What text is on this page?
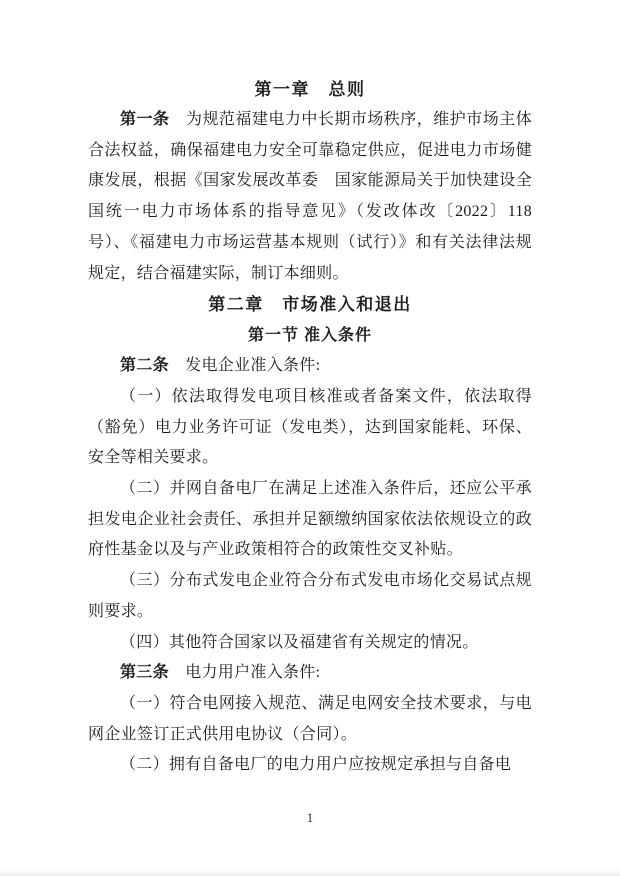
第一章　总则

第一条　为规范福建电力中长期市场秩序，维护市场主体合法权益，确保福建电力安全可靠稳定供应，促进电力市场健康发展，根据《国家发展改革委　国家能源局关于加快建设全国统一电力市场体系的指导意见》（发改体改〔2022〕118 号）、《福建电力市场运营基本规则（试行）》和有关法律法规规定，结合福建实际，制订本细则。

第二章　市场准入和退出
第一节 准入条件

第二条　发电企业准入条件:

（一）依法取得发电项目核准或者备案文件，依法取得（豁免）电力业务许可证（发电类），达到国家能耗、环保、安全等相关要求。

（二）并网自备电厂在满足上述准入条件后，还应公平承担发电企业社会责任、承担并足额缴纳国家依法依规设立的政府性基金以及与产业政策相符合的政策性交叉补贴。

（三）分布式发电企业符合分布式发电市场化交易试点规则要求。

（四）其他符合国家以及福建省有关规定的情况。

第三条　电力用户准入条件:

（一）符合电网接入规范、满足电网安全技术要求，与电网企业签订正式供用电协议（合同）。

（二）拥有自备电厂的电力用户应按规定承担与自备电

1
